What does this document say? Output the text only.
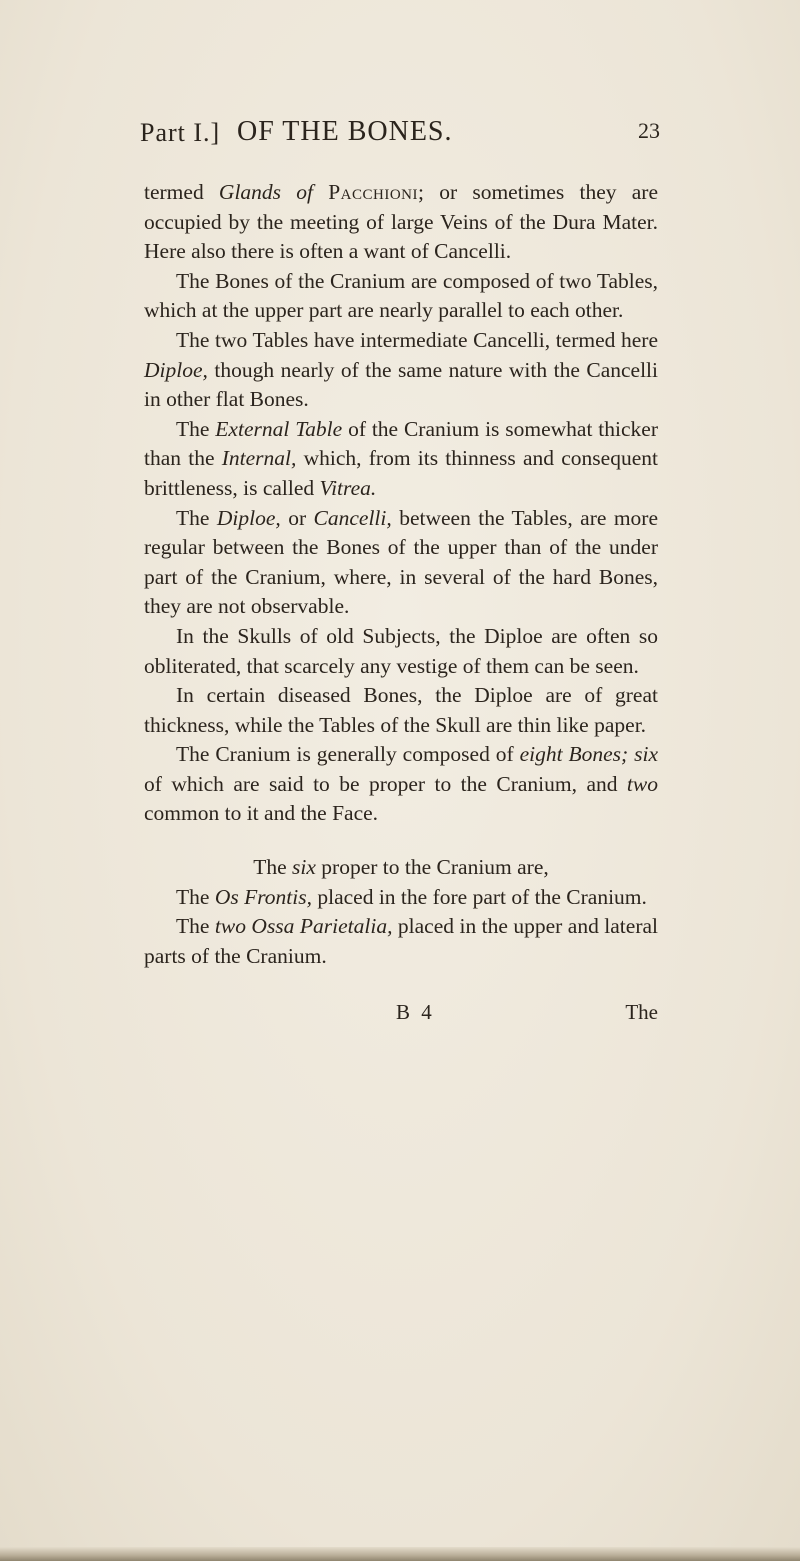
Part I.] OF THE BONES.	23

termed Glands of Pacchioni; or sometimes they are occupied by the meeting of large Veins of the Dura Mater. Here also there is often a want of Cancelli.

The Bones of the Cranium are composed of two Tables, which at the upper part are nearly parallel to each other.

The two Tables have intermediate Cancelli, termed here Diploe, though nearly of the same nature with the Cancelli in other flat Bones.

The External Table of the Cranium is somewhat thicker than the Internal, which, from its thinness and consequent brittleness, is called Vitrea.

The Diploe, or Cancelli, between the Tables, are more regular between the Bones of the upper than of the under part of the Cranium, where, in several of the hard Bones, they are not observable.

In the Skulls of old Subjects, the Diploe are often so obliterated, that scarcely any vestige of them can be seen.

In certain diseased Bones, the Diploe are of great thickness, while the Tables of the Skull are thin like paper.

The Cranium is generally composed of eight Bones; six of which are said to be proper to the Cranium, and two common to it and the Face.

The six proper to the Cranium are,

The Os Frontis, placed in the fore part of the Cranium.

The two Ossa Parietalia, placed in the upper and lateral parts of the Cranium.

B 4	The
